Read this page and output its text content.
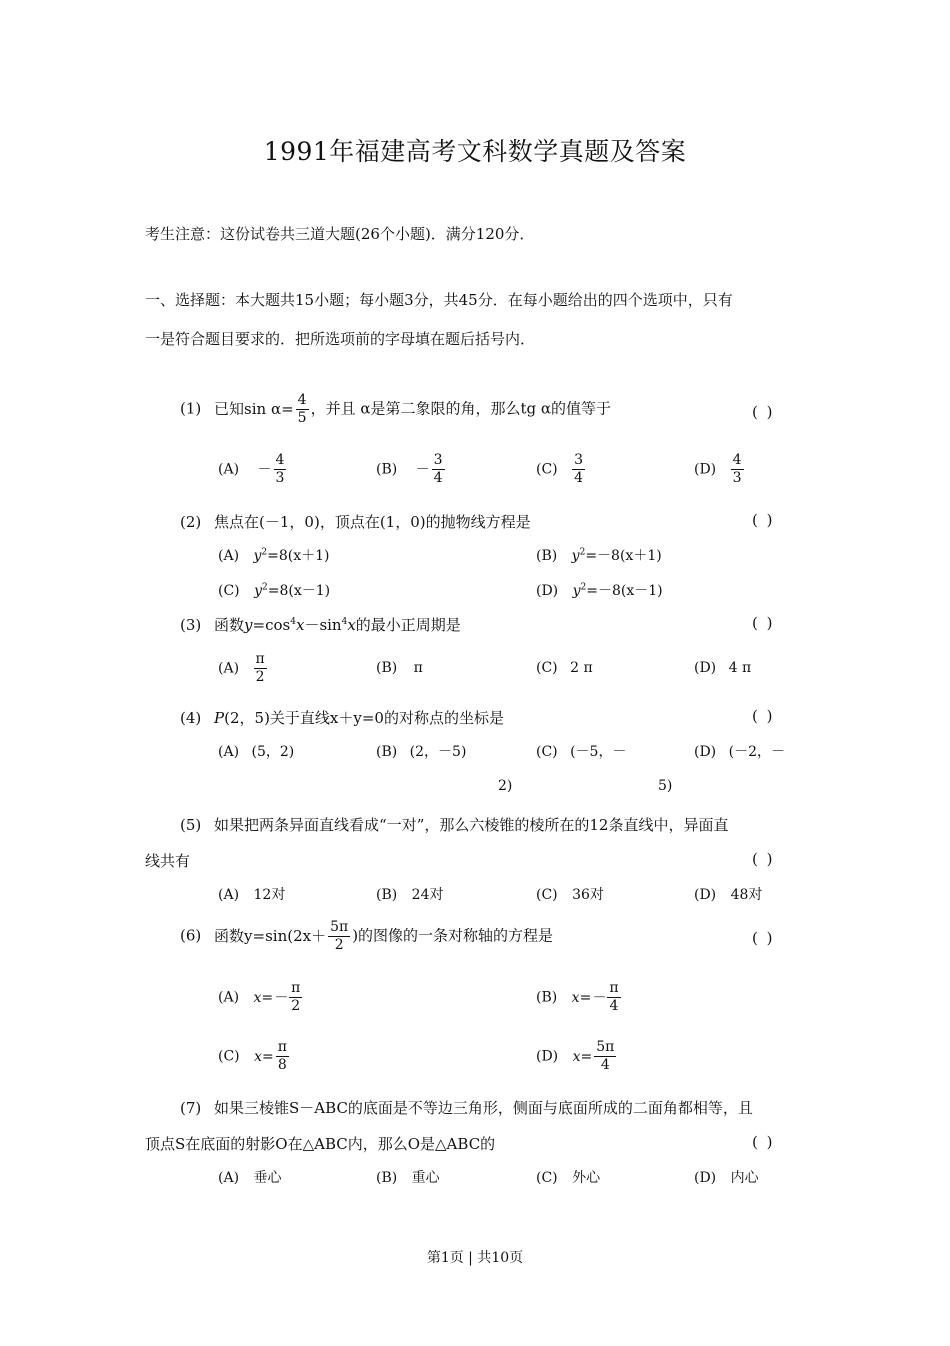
1991年福建高考文科数学真题及答案
考生注意：这份试卷共三道大题(26个小题)．满分120分．
一、选择题：本大题共15小题；每小题3分，共45分．在每小题给出的四个选项中，只有
一是符合题目要求的．把所选项前的字母填在题后括号内．
(1) 已知$\sin \alpha= \frac{4}{5}$ ，并且 α是第二象限的角，那么tg α的值等于	( )
$(A) - \frac{4}{3}$	$(B) - \frac{3}{4}$	$(C) \frac{3}{4}$	$(D) \frac{4}{3}$
(2) 焦点在(－1，0)，顶点在(1，0)的抛物线方程是	( )
(A) $y^2=8(x+1)$	(B) $y^2=-8(x+1)$
(C) $y^2=8(x-1)$	(D) $y^2=-8(x-1)$
(3) 函数$y=\cos^4x-\sin^4x$的最小正周期是	( )
$(A) \frac{\pi}{2}$	(B) π	(C) 2 π	(D) 4 π
(4) P(2，5)关于直线x＋y=0的对称点的坐标是	( )
(A) (5，2)	(B) (2，－5)	(C) (－5，－
2)
(D) (－2，－
5)
(5) 如果把两条异面直线看成“一对”，那么六棱锥的棱所在的12条直线中，异面直
线共有	( )
(A) 12对	(B) 24对	(C) 36对	(D) 48对
(6) 函数$y=\sin(2x+ \frac{5\pi}{2}$ )的图像的一条对称轴的方程是	( )
(A) $x=- \frac{\pi}{2}$	(B) $x=- \frac{\pi}{4}$
(C) $x= \frac{\pi}{8}$	(D) $x= \frac{5\pi}{4}$
(7) 如果三棱锥S－ABC的底面是不等边三角形，侧面与底面所成的二面角都相等，且
顶点S在底面的射影O在△ABC内，那么O是△ABC的	( )
(A) 垂心	(B) 重心	(C) 外心	(D) 内心
第1页 | 共10页
